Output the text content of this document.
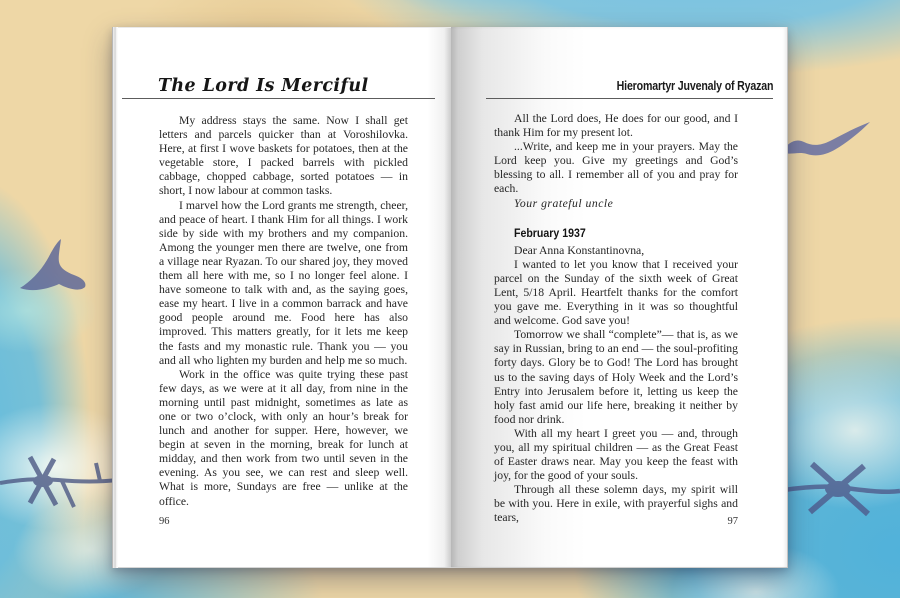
The Lord Is Merciful

My address stays the same. Now I shall get letters and parcels quicker than at Voroshilovka. Here, at first I wove baskets for potatoes, then at the vegetable store, I packed barrels with pickled cabbage, chopped cabbage, sorted potatoes — in short, I now labour at common tasks.

I marvel how the Lord grants me strength, cheer, and peace of heart. I thank Him for all things. I work side by side with my brothers and my companion. Among the younger men there are twelve, one from a village near Ryazan. To our shared joy, they moved them all here with me, so I no longer feel alone. I have someone to talk with and, as the saying goes, ease my heart. I live in a common barrack and have good people around me. Food here has also improved. This matters greatly, for it lets me keep the fasts and my monastic rule. Thank you — you and all who lighten my burden and help me so much.

Work in the office was quite trying these past few days, as we were at it all day, from nine in the morning until past midnight, sometimes as late as one or two o’clock, with only an hour’s break for lunch and another for supper. Here, however, we begin at seven in the morning, break for lunch at midday, and then work from two until seven in the evening. As you see, we can rest and sleep well. What is more, Sundays are free — unlike at the office.

96
Hieromartyr Juvenaly of Ryazan

All the Lord does, He does for our good, and I thank Him for my present lot.

...Write, and keep me in your prayers. May the Lord keep you. Give my greetings and God’s blessing to all. I remember all of you and pray for each.

Your grateful uncle

February 1937

Dear Anna Konstantinovna,

I wanted to let you know that I received your parcel on the Sunday of the sixth week of Great Lent, 5/18 April. Heartfelt thanks for the comfort you gave me. Everything in it was so thoughtful and welcome. God save you!

Tomorrow we shall “complete”— that is, as we say in Russian, bring to an end — the soul-profiting forty days. Glory be to God! The Lord has brought us to the saving days of Holy Week and the Lord’s Entry into Jerusalem before it, letting us keep the holy fast amid our life here, breaking it neither by food nor drink.

With all my heart I greet you — and, through you, all my spiritual children — as the Great Feast of Easter draws near. May you keep the feast with joy, for the good of your souls.

Through all these solemn days, my spirit will be with you. Here in exile, with prayerful sighs and tears,	97
